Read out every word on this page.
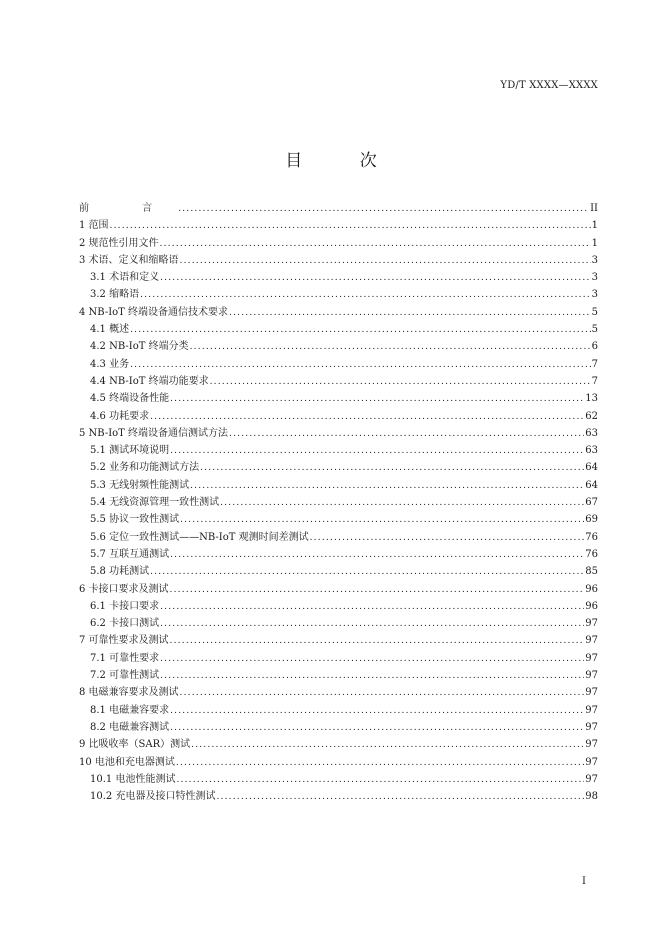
YD/T XXXX—XXXX
目 次
前 言 .....	II
1 范围 .....	1
2 规范性引用文件 .....	1
3 术语、定义和缩略语 .....	3
3.1 术语和定义 .....	3
3.2 缩略语 .....	3
4 NB-IoT 终端设备通信技术要求 .....	5
4.1 概述 .....	5
4.2 NB-IoT 终端分类 .....	6
4.3 业务 .....	7
4.4 NB-IoT 终端功能要求 .....	7
4.5 终端设备性能 .....	13
4.6 功耗要求 .....	62
5 NB-IoT 终端设备通信测试方法 .....	63
5.1 测试环境说明 .....	63
5.2 业务和功能测试方法 .....	64
5.3 无线射频性能测试 .....	64
5.4 无线资源管理一致性测试 .....	67
5.5 协议一致性测试 .....	69
5.6 定位一致性测试——NB-IoT 观测时间差测试 .....	76
5.7 互联互通测试 .....	76
5.8 功耗测试 .....	85
6 卡接口要求及测试 .....	96
6.1 卡接口要求 .....	96
6.2 卡接口测试 .....	97
7 可靠性要求及测试 .....	97
7.1 可靠性要求 .....	97
7.2 可靠性测试 .....	97
8 电磁兼容要求及测试 .....	97
8.1 电磁兼容要求 .....	97
8.2 电磁兼容测试 .....	97
9 比吸收率（SAR）测试 .....	97
10 电池和充电器测试 .....	97
10.1 电池性能测试 .....	97
10.2 充电器及接口特性测试 .....	98
I
